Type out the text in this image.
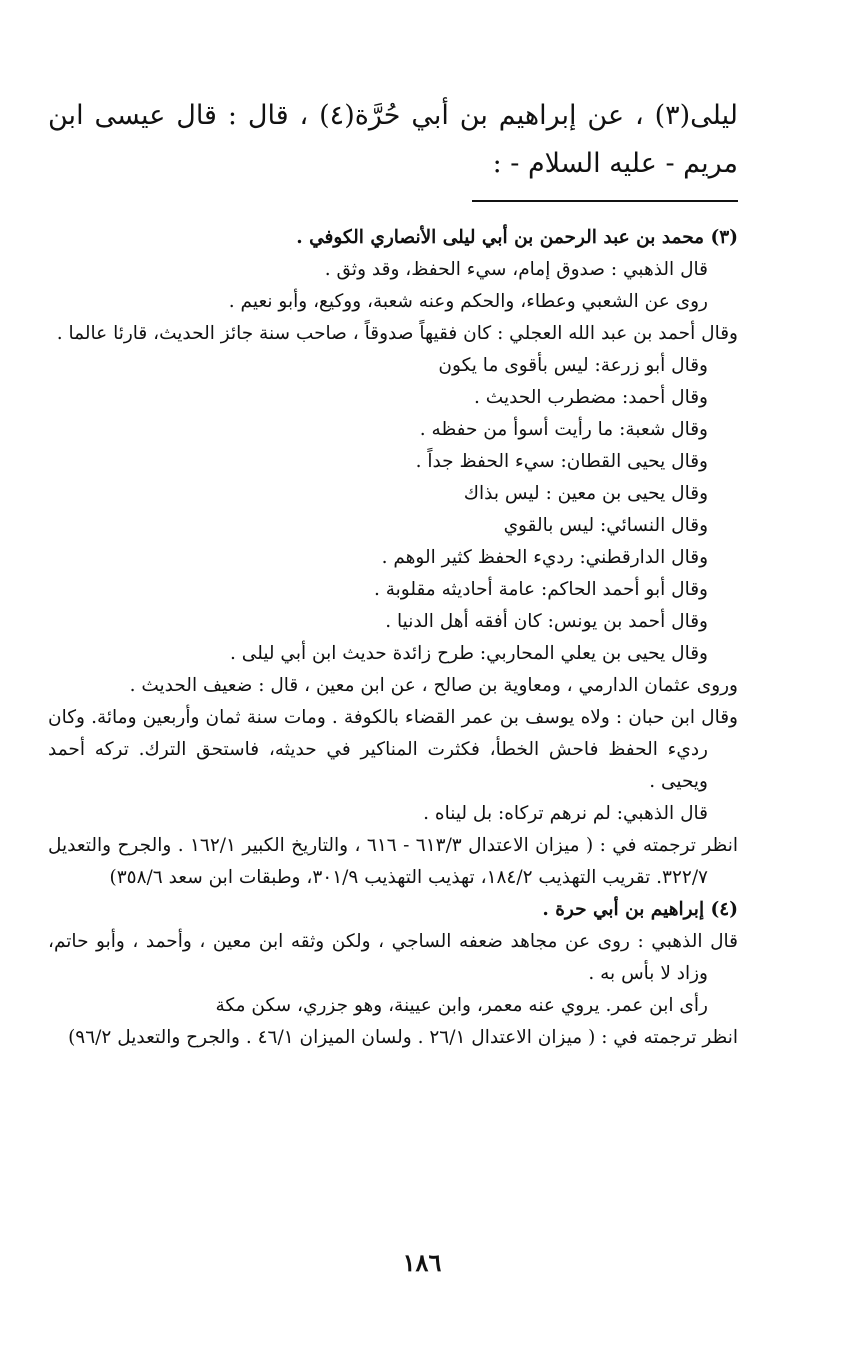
ليلى(٣) ، عن إبراهيم بن أبي حُرَّة(٤) ، قال : قال عيسى ابن مريم - عليه السلام - :

(٣) محمد بن عبد الرحمن بن أبي ليلى الأنصاري الكوفي .

قال الذهبي : صدوق إمام، سيء الحفظ، وقد وثق .

روى عن الشعبي وعطاء، والحكم وعنه شعبة، ووكيع، وأبو نعيم .

وقال أحمد بن عبد الله العجلي : كان فقيهاً صدوقاً ، صاحب سنة جائز الحديث، قارئا عالما .

وقال أبو زرعة: ليس بأقوى ما يكون

وقال أحمد: مضطرب الحديث .

وقال شعبة: ما رأيت أسوأ من حفظه .

وقال يحيى القطان: سيء الحفظ جداً .

وقال يحيى بن معين : ليس بذاك

وقال النسائي: ليس بالقوي

وقال الدارقطني: رديء الحفظ كثير الوهم .

وقال أبو أحمد الحاكم: عامة أحاديثه مقلوبة .

وقال أحمد بن يونس: كان أفقه أهل الدنيا .

وقال يحيى بن يعلي المحاربي: طرح زائدة حديث ابن أبي ليلى .

وروى عثمان الدارمي ، ومعاوية بن صالح ، عن ابن معين ، قال : ضعيف الحديث .

وقال ابن حبان : ولاه يوسف بن عمر القضاء بالكوفة . ومات سنة ثمان وأربعين ومائة. وكان رديء الحفظ فاحش الخطأ، فكثرت المناكير في حديثه، فاستحق الترك. تركه أحمد ويحيى .

قال الذهبي: لم نرهم تركاه: بل ليناه .

انظر ترجمته في : ( ميزان الاعتدال ٦١٣/٣ - ٦١٦ ، والتاريخ الكبير ١٦٢/١ . والجرح والتعديل ٣٢٢/٧. تقريب التهذيب ١٨٤/٢، تهذيب التهذيب ٣٠١/٩، وطبقات ابن سعد ٣٥٨/٦)

(٤) إبراهيم بن أبي حرة .

قال الذهبي : روى عن مجاهد ضعفه الساجي ، ولكن وثقه ابن معين ، وأحمد ، وأبو حاتم، وزاد لا بأس به .

رأى ابن عمر. يروي عنه معمر، وابن عيينة، وهو جزري، سكن مكة

انظر ترجمته في : ( ميزان الاعتدال ٢٦/١ . ولسان الميزان ٤٦/١ . والجرح والتعديل ٩٦/٢)

١٨٦
